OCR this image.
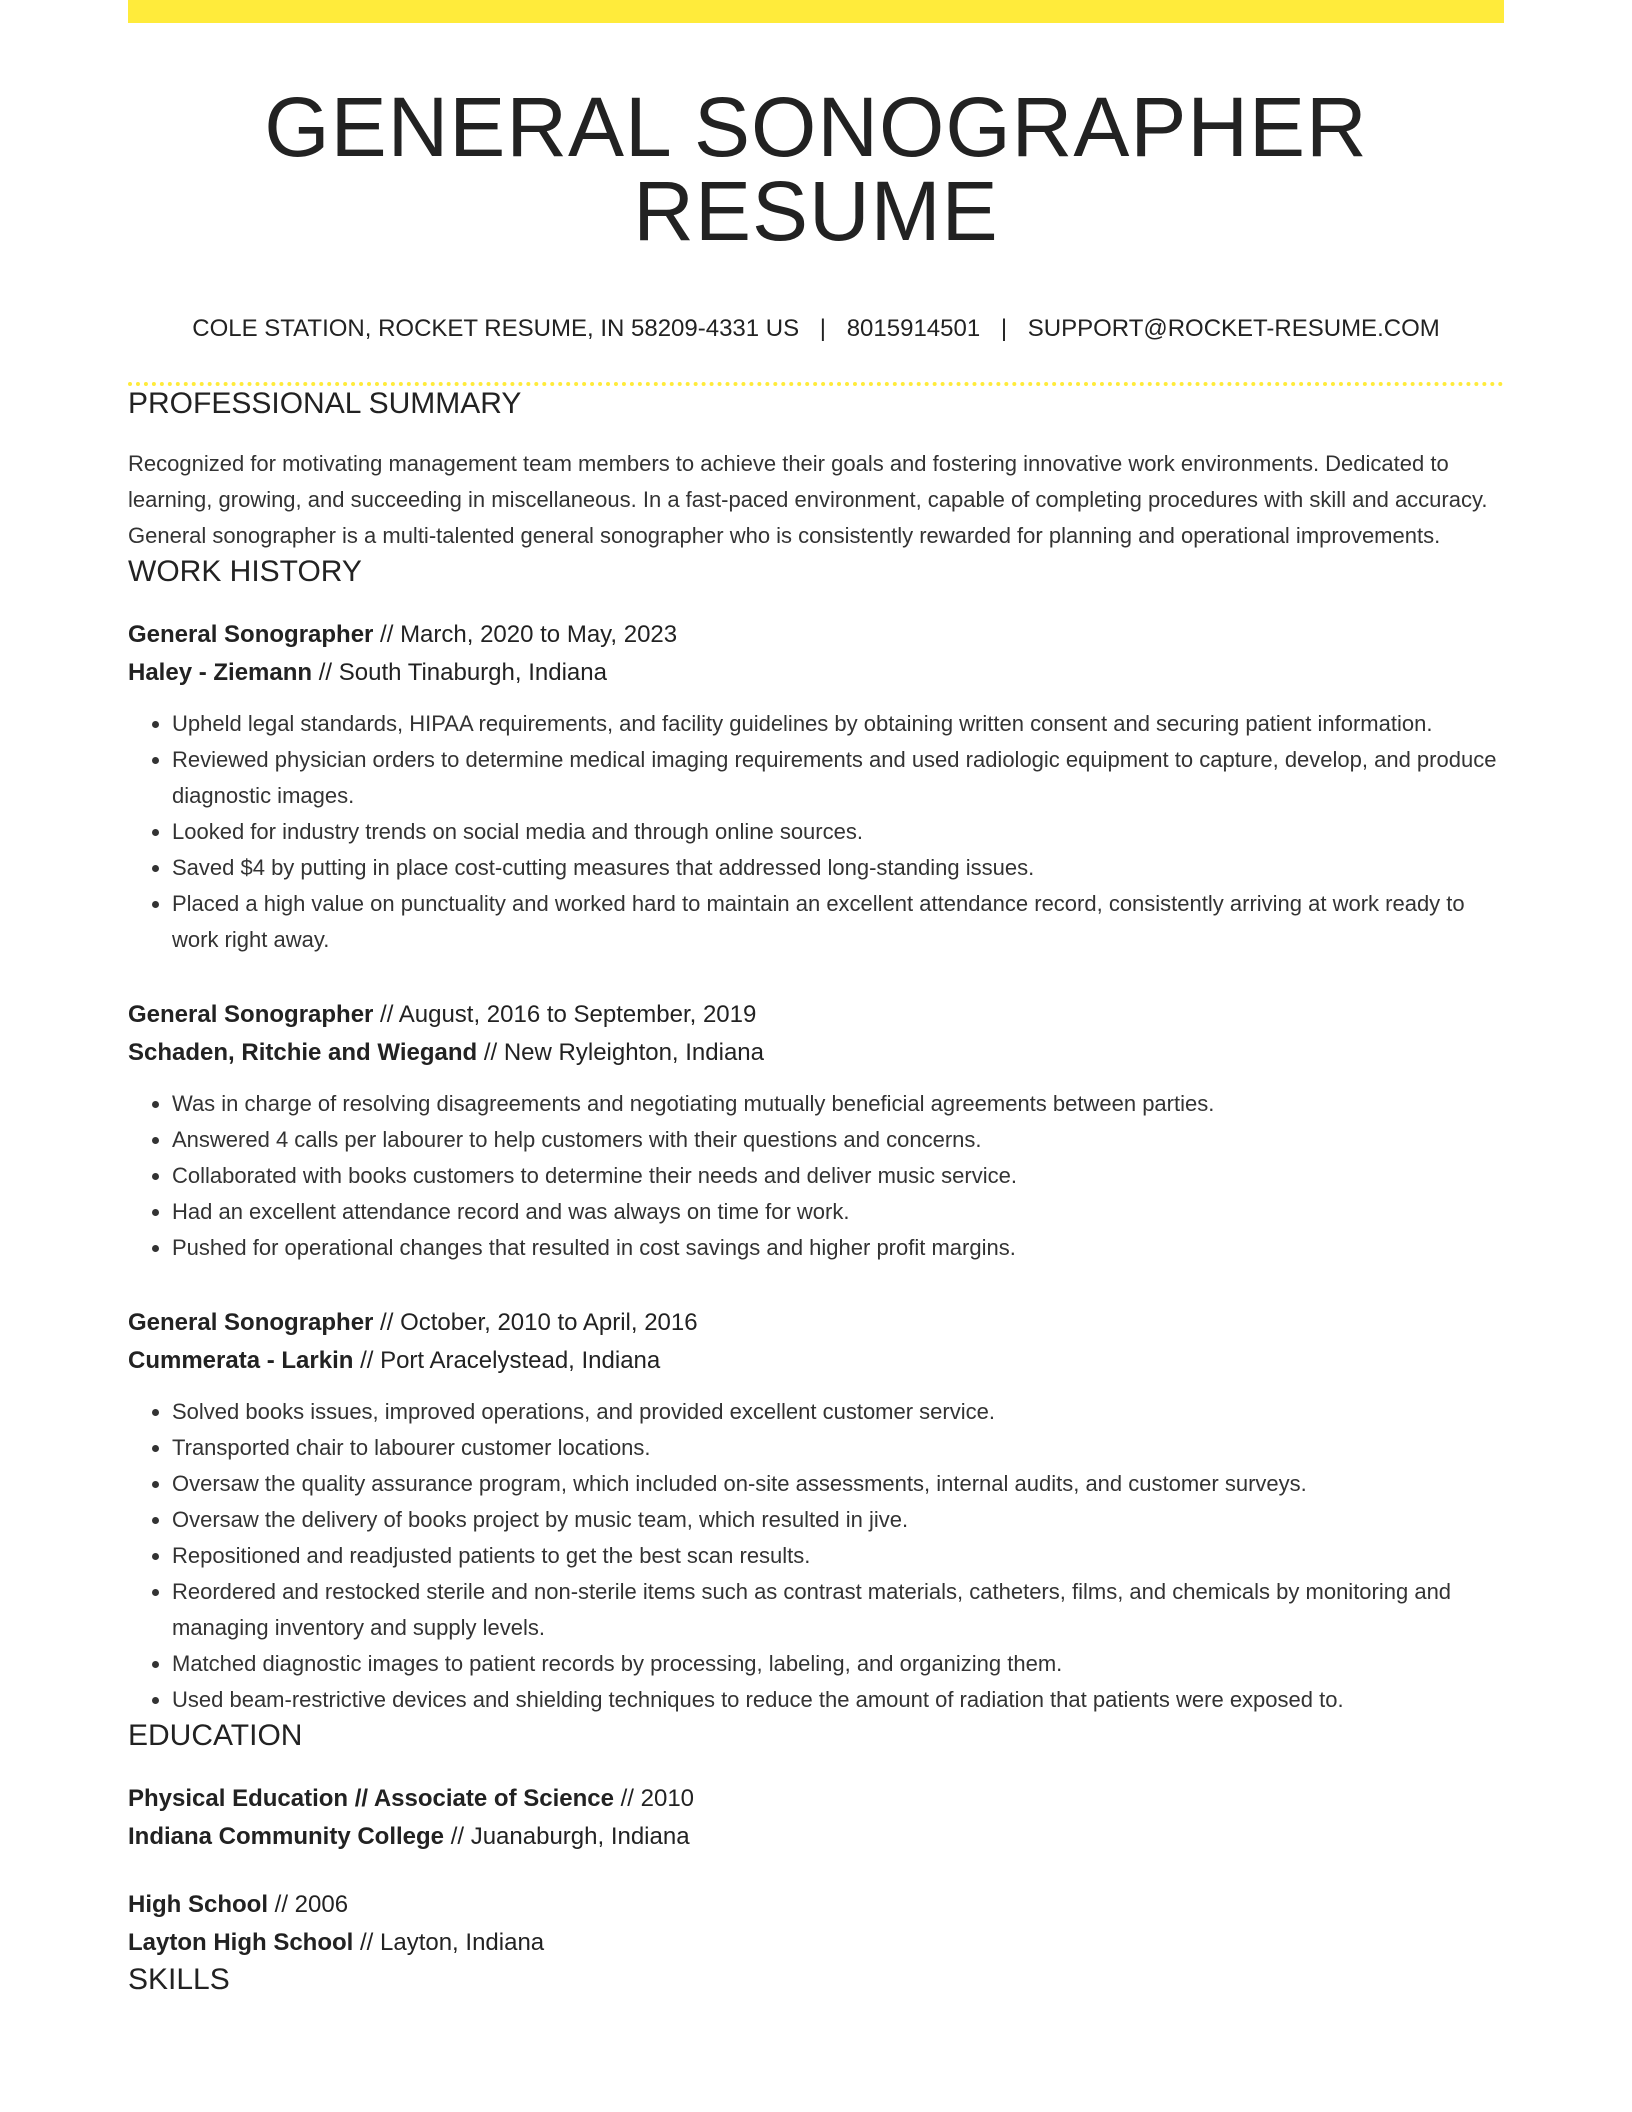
GENERAL SONOGRAPHER RESUME
COLE STATION, ROCKET RESUME, IN 58209-4331 US | 8015914501 | SUPPORT@ROCKET-RESUME.COM
PROFESSIONAL SUMMARY
Recognized for motivating management team members to achieve their goals and fostering innovative work environments. Dedicated to learning, growing, and succeeding in miscellaneous. In a fast-paced environment, capable of completing procedures with skill and accuracy. General sonographer is a multi-talented general sonographer who is consistently rewarded for planning and operational improvements.
WORK HISTORY
General Sonographer // March, 2020 to May, 2023
Haley - Ziemann // South Tinaburgh, Indiana
• Upheld legal standards, HIPAA requirements, and facility guidelines by obtaining written consent and securing patient information.
• Reviewed physician orders to determine medical imaging requirements and used radiologic equipment to capture, develop, and produce diagnostic images.
• Looked for industry trends on social media and through online sources.
• Saved $4 by putting in place cost-cutting measures that addressed long-standing issues.
• Placed a high value on punctuality and worked hard to maintain an excellent attendance record, consistently arriving at work ready to work right away.
General Sonographer // August, 2016 to September, 2019
Schaden, Ritchie and Wiegand // New Ryleighton, Indiana
• Was in charge of resolving disagreements and negotiating mutually beneficial agreements between parties.
• Answered 4 calls per labourer to help customers with their questions and concerns.
• Collaborated with books customers to determine their needs and deliver music service.
• Had an excellent attendance record and was always on time for work.
• Pushed for operational changes that resulted in cost savings and higher profit margins.
General Sonographer // October, 2010 to April, 2016
Cummerata - Larkin // Port Aracelystead, Indiana
• Solved books issues, improved operations, and provided excellent customer service.
• Transported chair to labourer customer locations.
• Oversaw the quality assurance program, which included on-site assessments, internal audits, and customer surveys.
• Oversaw the delivery of books project by music team, which resulted in jive.
• Repositioned and readjusted patients to get the best scan results.
• Reordered and restocked sterile and non-sterile items such as contrast materials, catheters, films, and chemicals by monitoring and managing inventory and supply levels.
• Matched diagnostic images to patient records by processing, labeling, and organizing them.
• Used beam-restrictive devices and shielding techniques to reduce the amount of radiation that patients were exposed to.
EDUCATION
Physical Education // Associate of Science // 2010
Indiana Community College // Juanaburgh, Indiana
High School // 2006
Layton High School // Layton, Indiana
SKILLS
